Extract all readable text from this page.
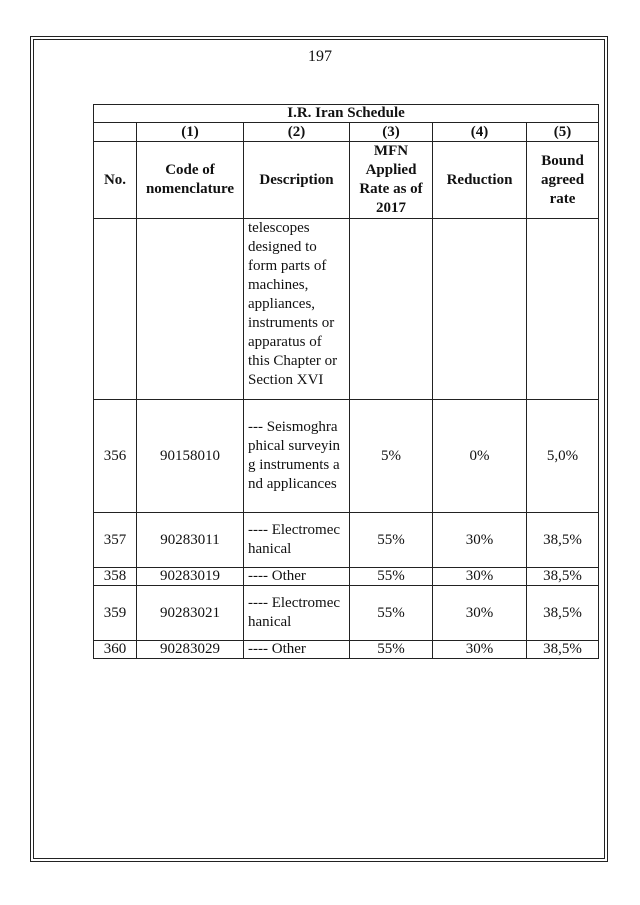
197
I.R. Iran Schedule					
	(1)	(2)	(3)	(4)	(5)
No.	Code of nomenclature	Description	MFN Applied Rate as of 2017	Reduction	Bound agreed rate
		telescopes designed to form parts of machines, appliances, instruments or apparatus of this Chapter or Section XVI			
356	90158010	--- Seismoghraphical surveying instruments and applicances	5%	0%	5,0%
357	90283011	---- Electromechanical	55%	30%	38,5%
358	90283019	---- Other	55%	30%	38,5%
359	90283021	---- Electromechanical	55%	30%	38,5%
360	90283029	---- Other	55%	30%	38,5%
